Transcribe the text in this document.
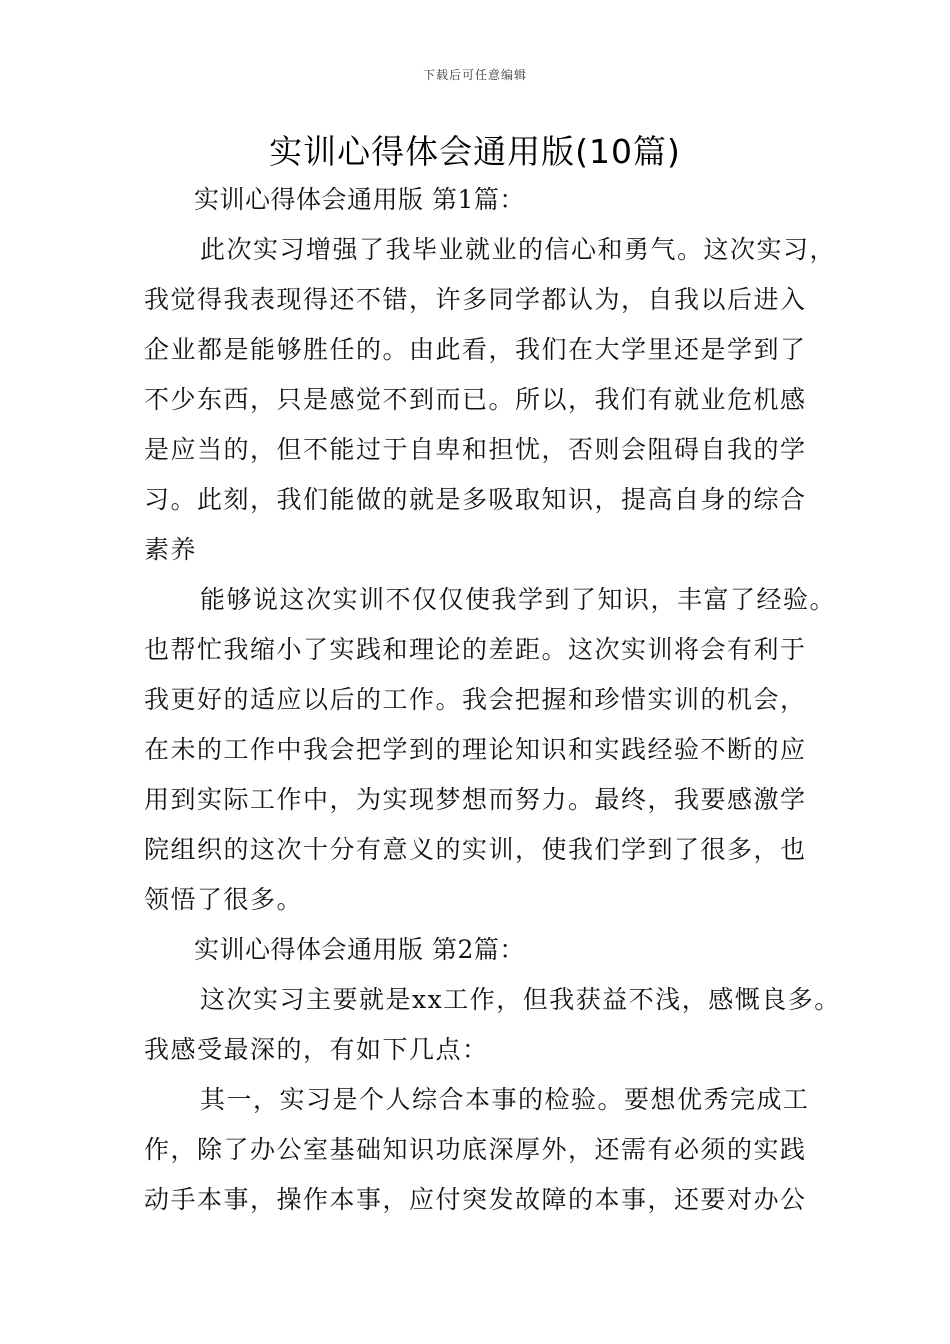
下载后可任意编辑
实训心得体会通用版(10篇)
实训心得体会通用版 第1篇：
此次实习增强了我毕业就业的信心和勇气。这次实习，
我觉得我表现得还不错，许多同学都认为，自我以后进入
企业都是能够胜任的。由此看，我们在大学里还是学到了
不少东西，只是感觉不到而已。所以，我们有就业危机感
是应当的，但不能过于自卑和担忧，否则会阻碍自我的学
习。此刻，我们能做的就是多吸取知识，提高自身的综合
素养
能够说这次实训不仅仅使我学到了知识，丰富了经验。
也帮忙我缩小了实践和理论的差距。这次实训将会有利于
我更好的适应以后的工作。我会把握和珍惜实训的机会，
在未的工作中我会把学到的理论知识和实践经验不断的应
用到实际工作中，为实现梦想而努力。最终，我要感激学
院组织的这次十分有意义的实训，使我们学到了很多，也
领悟了很多。
实训心得体会通用版 第2篇：
这次实习主要就是xx工作，但我获益不浅，感慨良多。
我感受最深的，有如下几点：
其一，实习是个人综合本事的检验。要想优秀完成工
作，除了办公室基础知识功底深厚外，还需有必须的实践
动手本事，操作本事，应付突发故障的本事，还要对办公
